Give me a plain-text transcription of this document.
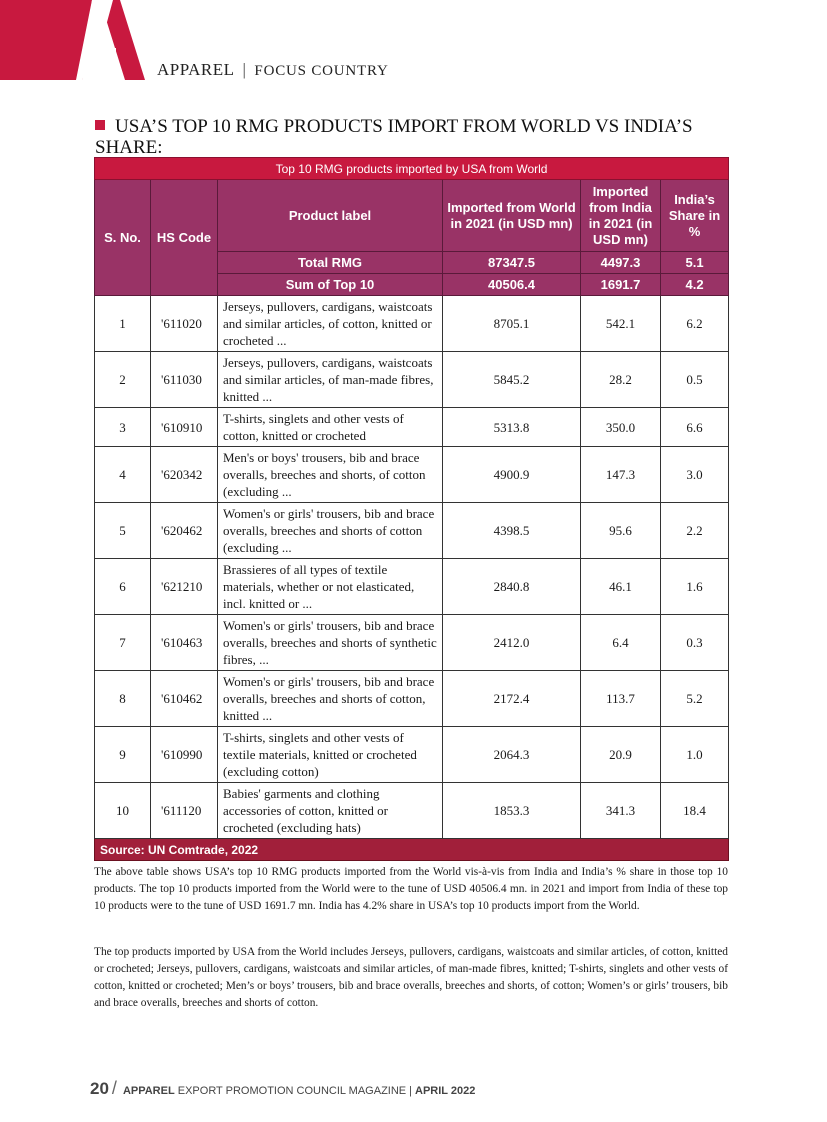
APPAREL | FOCUS COUNTRY
USA’S TOP 10 RMG PRODUCTS IMPORT FROM WORLD VS INDIA’S SHARE:
Top 10 RMG products imported by USA from World					
S. No.	HS Code	Product label	Imported from World in 2021 (in USD mn)	Imported from India in 2021 (in USD mn)	India’s Share in %
		Total RMG	87347.5	4497.3	5.1
		Sum of Top 10	40506.4	1691.7	4.2
1	'611020	Jerseys, pullovers, cardigans, waistcoats and similar articles, of cotton, knitted or crocheted ...	8705.1	542.1	6.2
2	'611030	Jerseys, pullovers, cardigans, waistcoats and similar articles, of man-made fibres, knitted ...	5845.2	28.2	0.5
3	'610910	T-shirts, singlets and other vests of cotton, knitted or crocheted	5313.8	350.0	6.6
4	'620342	Men's or boys' trousers, bib and brace overalls, breeches and shorts, of cotton (excluding ...	4900.9	147.3	3.0
5	'620462	Women's or girls' trousers, bib and brace overalls, breeches and shorts of cotton (excluding ...	4398.5	95.6	2.2
6	'621210	Brassieres of all types of textile materials, whether or not elasticated, incl. knitted or ...	2840.8	46.1	1.6
7	'610463	Women's or girls' trousers, bib and brace overalls, breeches and shorts of synthetic fibres, ...	2412.0	6.4	0.3
8	'610462	Women's or girls' trousers, bib and brace overalls, breeches and shorts of cotton, knitted ...	2172.4	113.7	5.2
9	'610990	T-shirts, singlets and other vests of textile materials, knitted or crocheted (excluding cotton)	2064.3	20.9	1.0
10	'611120	Babies' garments and clothing accessories of cotton, knitted or crocheted (excluding hats)	1853.3	341.3	18.4
Source: UN Comtrade, 2022					

The above table shows USA’s top 10 RMG products imported from the World vis-à-vis from India and India’s % share in those top 10 products. The top 10 products imported from the World were to the tune of USD 40506.4 mn. in 2021 and import from India of these top 10 products were to the tune of USD 1691.7 mn. India has 4.2% share in USA’s top 10 products import from the World.

The top products imported by USA from the World includes Jerseys, pullovers, cardigans, waistcoats and similar articles, of cotton, knitted or crocheted; Jerseys, pullovers, cardigans, waistcoats and similar articles, of man-made fibres, knitted; T-shirts, singlets and other vests of cotton, knitted or crocheted; Men’s or boys’ trousers, bib and brace overalls, breeches and shorts, of cotton; Women’s or girls’ trousers, bib and brace overalls, breeches and shorts of cotton.

20 / APPAREL EXPORT PROMOTION COUNCIL MAGAZINE | APRIL 2022
